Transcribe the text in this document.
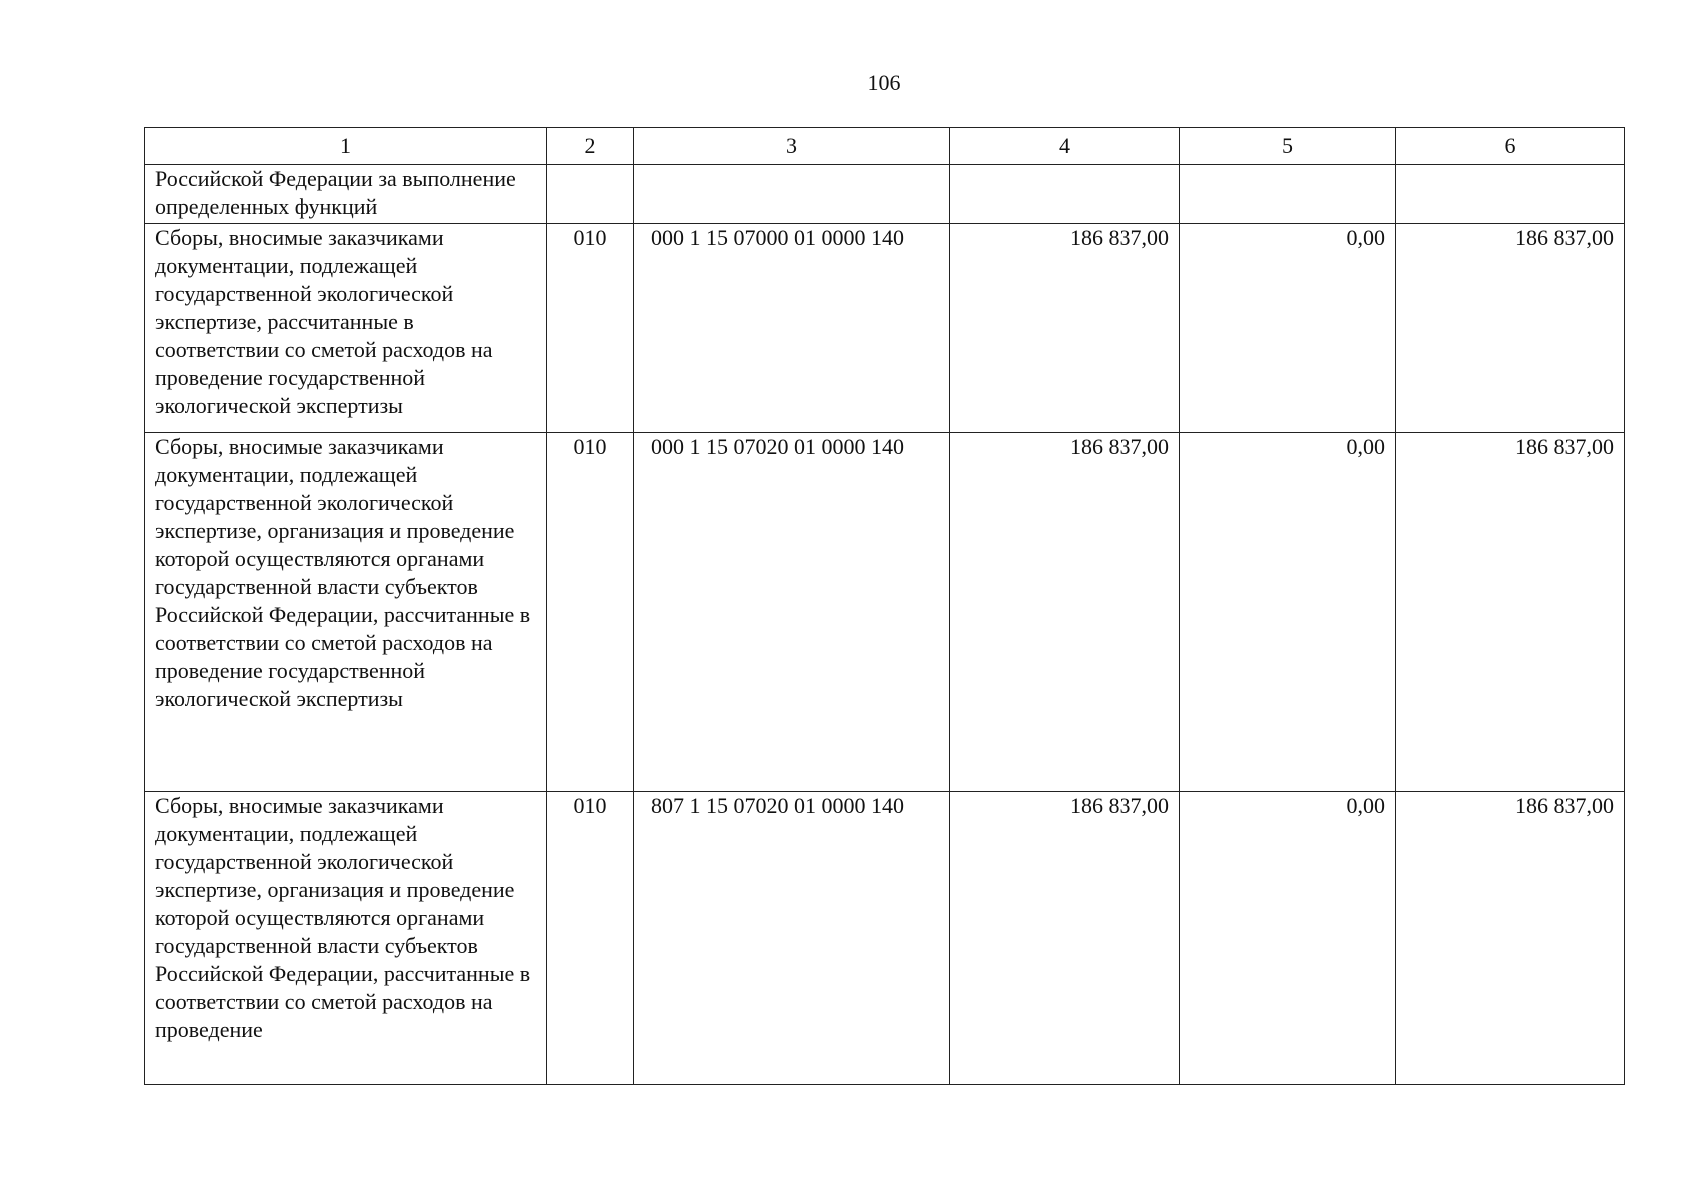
106
1	2	3	4	5	6

Российской Федерации за выполнение определенных функций					

Сборы, вносимые заказчиками документации, подлежащей государственной экологической экспертизе, рассчитанные в соответствии со сметой расходов на проведение государственной экологической экспертизы	010	000 1 15 07000 01 0000 140	186 837,00	0,00	186 837,00

Сборы, вносимые заказчиками документации, подлежащей государственной экологической экспертизе, организация и проведение которой осуществляются органами государственной власти субъектов Российской Федерации, рассчитанные в соответствии со сметой расходов на проведение государственной экологической экспертизы	010	000 1 15 07020 01 0000 140	186 837,00	0,00	186 837,00

Сборы, вносимые заказчиками документации, подлежащей государственной экологической экспертизе, организация и проведение которой осуществляются органами государственной власти субъектов Российской Федерации, рассчитанные в соответствии со сметой расходов на проведение	010	807 1 15 07020 01 0000 140	186 837,00	0,00	186 837,00
